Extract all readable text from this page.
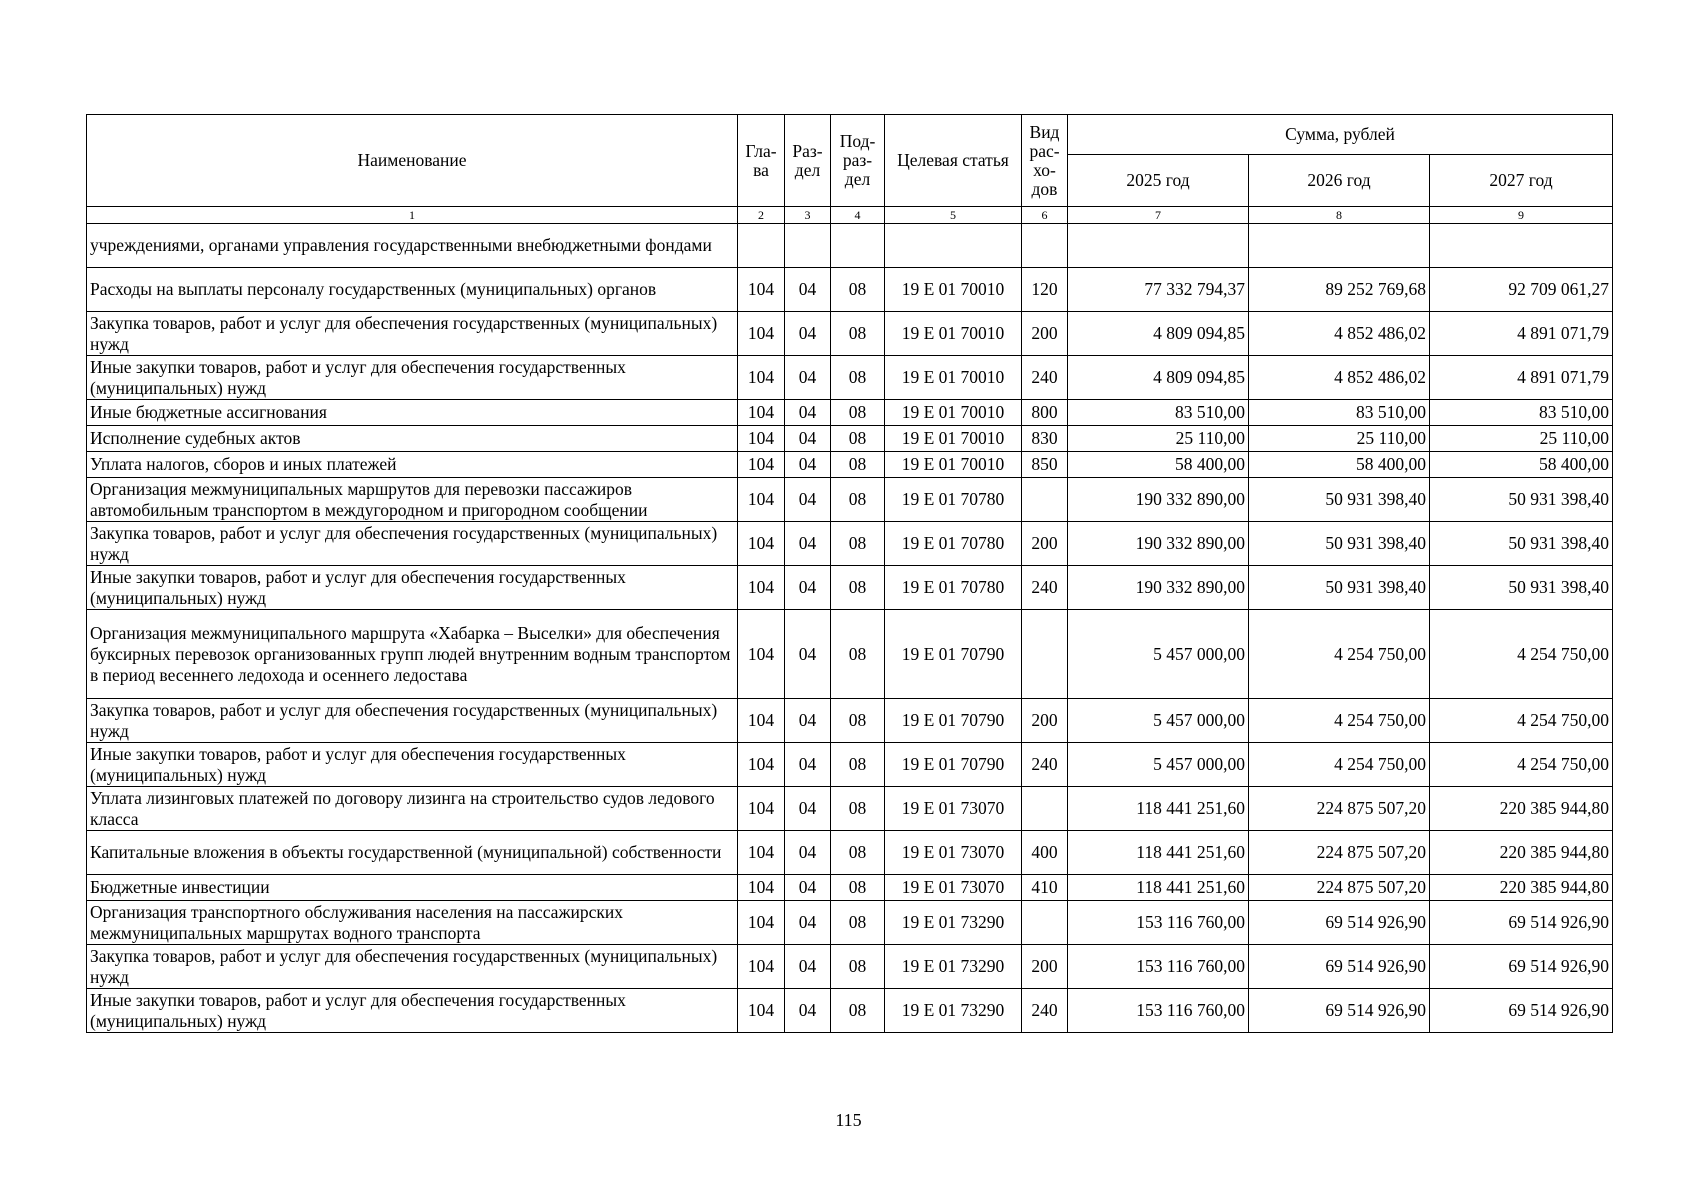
Наименование	Гла-ва	Раз-дел	Под-раз-дел	Целевая статья	Вид рас-хо-дов	Сумма, рублей		
						2025 год	2026 год	2027 год
1	2	3	4	5	6	7	8	9
учреждениями, органами управления государственными внебюджетными фондами								
Расходы на выплаты персоналу государственных (муниципальных) органов	104	04	08	19 Е 01 70010	120	77 332 794,37	89 252 769,68	92 709 061,27
Закупка товаров, работ и услуг для обеспечения государственных (муниципальных) нужд	104	04	08	19 Е 01 70010	200	4 809 094,85	4 852 486,02	4 891 071,79
Иные закупки товаров, работ и услуг для обеспечения государственных (муниципальных) нужд	104	04	08	19 Е 01 70010	240	4 809 094,85	4 852 486,02	4 891 071,79
Иные бюджетные ассигнования	104	04	08	19 Е 01 70010	800	83 510,00	83 510,00	83 510,00
Исполнение судебных актов	104	04	08	19 Е 01 70010	830	25 110,00	25 110,00	25 110,00
Уплата налогов, сборов и иных платежей	104	04	08	19 Е 01 70010	850	58 400,00	58 400,00	58 400,00
Организация межмуниципальных маршрутов для перевозки пассажиров автомобильным транспортом в междугородном и пригородном сообщении	104	04	08	19 Е 01 70780		190 332 890,00	50 931 398,40	50 931 398,40
Закупка товаров, работ и услуг для обеспечения государственных (муниципальных) нужд	104	04	08	19 Е 01 70780	200	190 332 890,00	50 931 398,40	50 931 398,40
Иные закупки товаров, работ и услуг для обеспечения государственных (муниципальных) нужд	104	04	08	19 Е 01 70780	240	190 332 890,00	50 931 398,40	50 931 398,40
Организация межмуниципального маршрута «Хабарка – Выселки» для обеспечения буксирных перевозок организованных групп людей внутренним водным транспортом в период весеннего ледохода и осеннего ледостава	104	04	08	19 Е 01 70790		5 457 000,00	4 254 750,00	4 254 750,00
Закупка товаров, работ и услуг для обеспечения государственных (муниципальных) нужд	104	04	08	19 Е 01 70790	200	5 457 000,00	4 254 750,00	4 254 750,00
Иные закупки товаров, работ и услуг для обеспечения государственных (муниципальных) нужд	104	04	08	19 Е 01 70790	240	5 457 000,00	4 254 750,00	4 254 750,00
Уплата лизинговых платежей по договору лизинга на строительство судов ледового класса	104	04	08	19 Е 01 73070		118 441 251,60	224 875 507,20	220 385 944,80
Капитальные вложения в объекты государственной (муниципальной) собственности	104	04	08	19 Е 01 73070	400	118 441 251,60	224 875 507,20	220 385 944,80
Бюджетные инвестиции	104	04	08	19 Е 01 73070	410	118 441 251,60	224 875 507,20	220 385 944,80
Организация транспортного обслуживания населения на пассажирских межмуниципальных маршрутах водного транспорта	104	04	08	19 Е 01 73290		153 116 760,00	69 514 926,90	69 514 926,90
Закупка товаров, работ и услуг для обеспечения государственных (муниципальных) нужд	104	04	08	19 Е 01 73290	200	153 116 760,00	69 514 926,90	69 514 926,90
Иные закупки товаров, работ и услуг для обеспечения государственных (муниципальных) нужд	104	04	08	19 Е 01 73290	240	153 116 760,00	69 514 926,90	69 514 926,90
115
